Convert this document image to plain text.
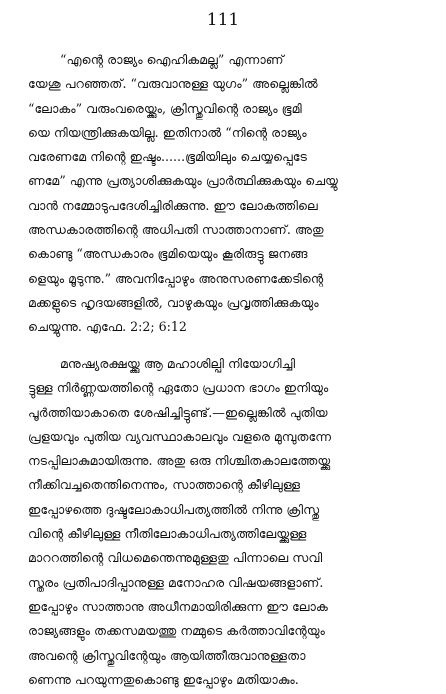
111
“എന്റെ രാജ്യം ഐഹികമല്ല” എന്നാണ്
യേശു പറഞ്ഞത്. “വരുവാനുള്ള യുഗം” അല്ലെങ്കിൽ
“ലോകം” വരുംവരെയ്ക്കും, ക്രിസ്തുവിന്റെ രാജ്യം ഭൂമി
യെ നിയന്ത്രിക്കുകയില്ല. ഇതിനാൽ “നിന്റെ രാജ്യം
വരേണമേ നിന്റെ ഇഷ്ടം......ഭൂമിയിലും ചെയ്യപ്പെടേ
ണമേ” എന്നു പ്രത്യാശിക്കുകയും പ്രാർത്ഥിക്കുകയും ചെയ്യു
വാൻ നമ്മോടുപദേശിച്ചിരിക്കുന്നു. ഈ ലോകത്തിലെ
അന്ധകാരത്തിന്റെ അധിപതി സാത്താനാണ്. അതു
കൊണ്ടു “അന്ധകാരം ഭൂമിയെയും കൂരിരുട്ടു ജനങ്ങ
ളെയും മൂടുന്നു.” അവനിപ്പോഴും അനുസരണക്കേടിന്റെ
മക്കളുടെ ഹൃദയങ്ങളിൽ, വാഴുകയും പ്രവൃത്തിക്കുകയും
ചെയ്യുന്നു. എഫേ. 2:2; 6:12
മനുഷ്യരക്ഷയ്ക്കു ആ മഹാശില്പി നിയോഗിച്ചി
ട്ടുള്ള നിർണ്ണയത്തിന്റെ ഏതോ പ്രധാന ഭാഗം ഇനിയും
പൂർത്തിയാകാതെ ശേഷിച്ചിട്ടുണ്ട്.—ഇല്ലെങ്കിൽ പുതിയ
പ്രളയവും പുതിയ വ്യവസ്ഥാകാലവും വളരെ മുമ്പുതന്നേ
നടപ്പിലാകുമായിരുന്നു. അതു ഒരു നിശ്ചിതകാലത്തേയ്ക്കു
നീക്കിവച്ചതെന്തിനെന്നും, സാത്താന്റെ കീഴിലുള്ള
ഇപ്പോഴത്തെ ദുഷ്ടലോകാധിപത്യത്തിൽ നിന്നു ക്രിസ്തു
വിന്റെ കീഴിലുള്ള നീതിലോകാധിപത്യത്തിലേയ്ക്കുള്ള
മാററത്തിന്റെ വിധമെന്തെന്നുമുള്ളതു പിന്നാലെ സവി
സ്തരം പ്രതിപാദിപ്പാനുള്ള മനോഹര വിഷയങ്ങളാണ്.
ഇപ്പോഴും സാത്താനു അധീനമായിരിക്കുന്ന ഈ ലോക
രാജ്യങ്ങളും തക്കസമയത്തു നമ്മുടെ കർത്താവിന്റേയും
അവന്റെ ക്രിസ്തുവിന്റേയും ആയിത്തീരുവാനുള്ളതാ
ണെന്നു പറയുന്നതുകൊണ്ടു ഇപ്പോഴും മതിയാകും.
